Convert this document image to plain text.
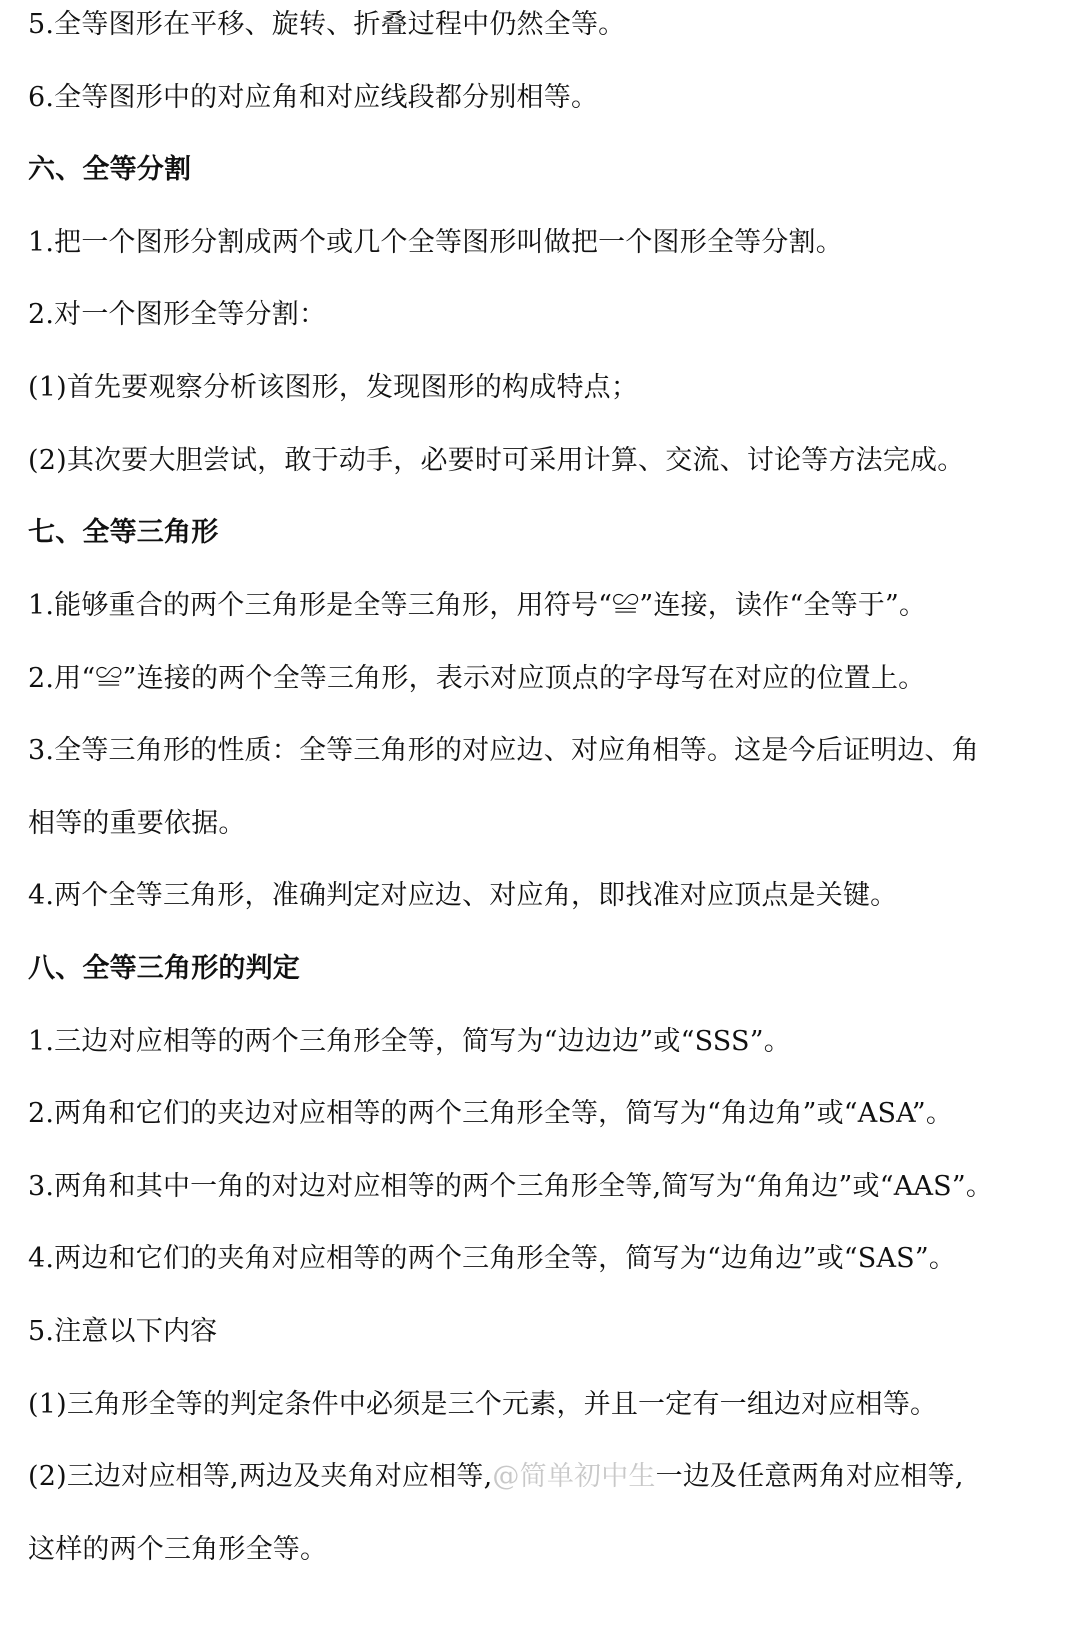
5.全等图形在平移、旋转、折叠过程中仍然全等。
6.全等图形中的对应角和对应线段都分别相等。
六、全等分割
1.把一个图形分割成两个或几个全等图形叫做把一个图形全等分割。
2.对一个图形全等分割：
(1)首先要观察分析该图形，发现图形的构成特点；
(2)其次要大胆尝试，敢于动手，必要时可采用计算、交流、讨论等方法完成。
七、全等三角形
1.能够重合的两个三角形是全等三角形，用符号“≌”连接，读作“全等于”。
2.用“≌”连接的两个全等三角形，表示对应顶点的字母写在对应的位置上。
3.全等三角形的性质：全等三角形的对应边、对应角相等。这是今后证明边、角
相等的重要依据。
4.两个全等三角形，准确判定对应边、对应角，即找准对应顶点是关键。
八、全等三角形的判定
1.三边对应相等的两个三角形全等，简写为“边边边”或“SSS”。
2.两角和它们的夹边对应相等的两个三角形全等，简写为“角边角”或“ASA”。
3.两角和其中一角的对边对应相等的两个三角形全等,简写为“角角边”或“AAS”。
4.两边和它们的夹角对应相等的两个三角形全等，简写为“边角边”或“SAS”。
5.注意以下内容
(1)三角形全等的判定条件中必须是三个元素，并且一定有一组边对应相等。
(2)三边对应相等,两边及夹角对应相等,@简单初中生一边及任意两角对应相等,
这样的两个三角形全等。
